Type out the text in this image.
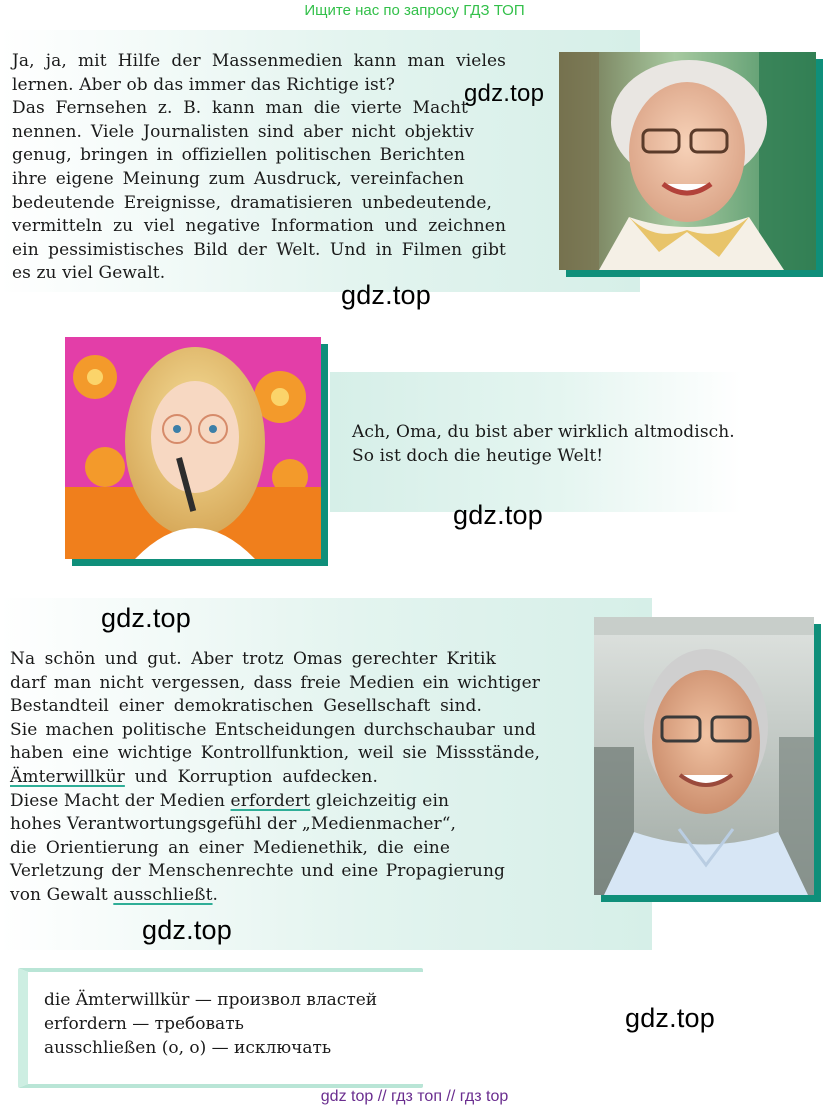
Ищите нас по запросу ГДЗ ТОП
Ja, ja, mit Hilfe der Massenmedien kann man vieles
lernen. Aber ob das immer das Richtige ist?
Das Fernsehen z. B. kann man die vierte Macht
nennen. Viele Journalisten sind aber nicht objektiv
genug, bringen in offiziellen politischen Berichten
ihre eigene Meinung zum Ausdruck, vereinfachen
bedeutende Ereignisse, dramatisieren unbedeutende,
vermitteln zu viel negative Information und zeichnen
ein pessimistisches Bild der Welt. Und in Filmen gibt
es zu viel Gewalt.
gdz.top
gdz.top
Ach, Oma, du bist aber wirklich altmodisch.
So ist doch die heutige Welt!
gdz.top
gdz.top
Na schön und gut. Aber trotz Omas gerechter Kritik
darf man nicht vergessen, dass freie Medien ein wichtiger
Bestandteil einer demokratischen Gesellschaft sind.
Sie machen politische Entscheidungen durchschaubar und
haben eine wichtige Kontrollfunktion, weil sie Missstände,
Ämterwillkür und Korruption aufdecken.
Diese Macht der Medien erfordert gleichzeitig ein
hohes Verantwortungsgefühl der „Medienmacher“,
die Orientierung an einer Medienethik, die eine
Verletzung der Menschenrechte und eine Propagierung
von Gewalt ausschließt.
gdz.top
die Ämterwillkür — произвол властей
erfordern — требовать
ausschließen (o, o) — исключать
gdz.top
gdz top // гдз топ // гдз top
